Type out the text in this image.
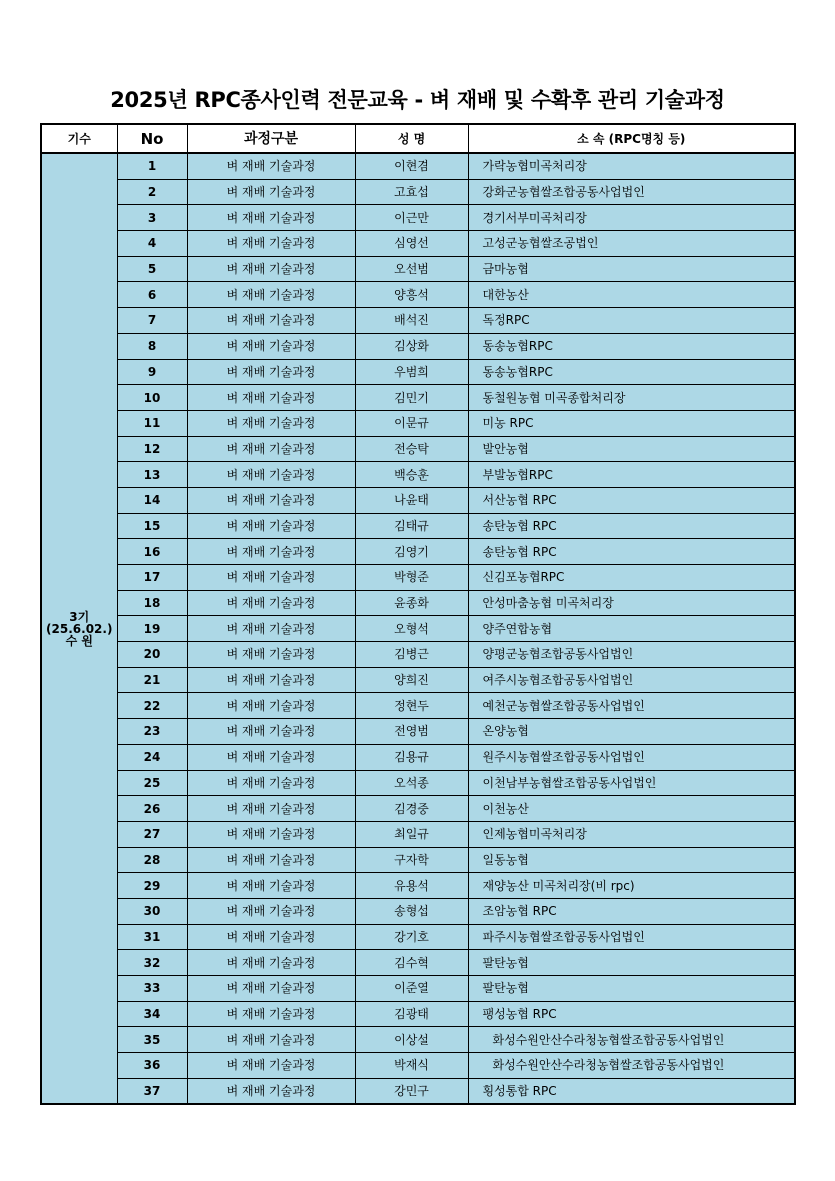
2025년 RPC종사인력 전문교육 - 벼 재배 및 수확후 관리 기술과정
기수	No	과정구분	성 명	소 속 (RPC명칭 등)

3기
(25.6.02.)
수 원	1	벼 재배 기술과정	이현겸	가락농협미곡처리장
	2	벼 재배 기술과정	고효섭	강화군농협쌀조합공동사업법인
	3	벼 재배 기술과정	이근만	경기서부미곡처리장
	4	벼 재배 기술과정	심영선	고성군농협쌀조공법인
	5	벼 재배 기술과정	오선범	금마농협
	6	벼 재배 기술과정	양흥석	대한농산
	7	벼 재배 기술과정	배석진	독정RPC
	8	벼 재배 기술과정	김상화	동송농협RPC
	9	벼 재배 기술과정	우범희	동송농협RPC
	10	벼 재배 기술과정	김민기	동철원농협 미곡종합처리장
	11	벼 재배 기술과정	이문규	미농 RPC
	12	벼 재배 기술과정	전승탁	발안농협
	13	벼 재배 기술과정	백승훈	부발농협RPC
	14	벼 재배 기술과정	나윤태	서산농협 RPC
	15	벼 재배 기술과정	김태규	송탄농협 RPC
	16	벼 재배 기술과정	김영기	송탄농협 RPC
	17	벼 재배 기술과정	박형준	신김포농협RPC
	18	벼 재배 기술과정	윤종화	안성마춤농협 미곡처리장
	19	벼 재배 기술과정	오형석	양주연합농협
	20	벼 재배 기술과정	김병근	양평군농협조합공동사업법인
	21	벼 재배 기술과정	양희진	여주시농협조합공동사업법인
	22	벼 재배 기술과정	정현두	예천군농협쌀조합공동사업법인
	23	벼 재배 기술과정	전영범	온양농협
	24	벼 재배 기술과정	김용규	원주시농협쌀조합공동사업법인
	25	벼 재배 기술과정	오석종	이천남부농협쌀조합공동사업법인
	26	벼 재배 기술과정	김경중	이천농산
	27	벼 재배 기술과정	최일규	인제농협미곡처리장
	28	벼 재배 기술과정	구자학	일동농협
	29	벼 재배 기술과정	유용석	재양농산 미곡처리장(비 rpc)
	30	벼 재배 기술과정	송형섭	조암농협 RPC
	31	벼 재배 기술과정	강기호	파주시농협쌀조합공동사업법인
	32	벼 재배 기술과정	김수혁	팔탄농협
	33	벼 재배 기술과정	이준열	팔탄농협
	34	벼 재배 기술과정	김광태	팽성농협 RPC
	35	벼 재배 기술과정	이상설	화성수원안산수라청농협쌀조합공동사업법인
	36	벼 재배 기술과정	박재식	화성수원안산수라청농협쌀조합공동사업법인
	37	벼 재배 기술과정	강민구	횡성통합 RPC
